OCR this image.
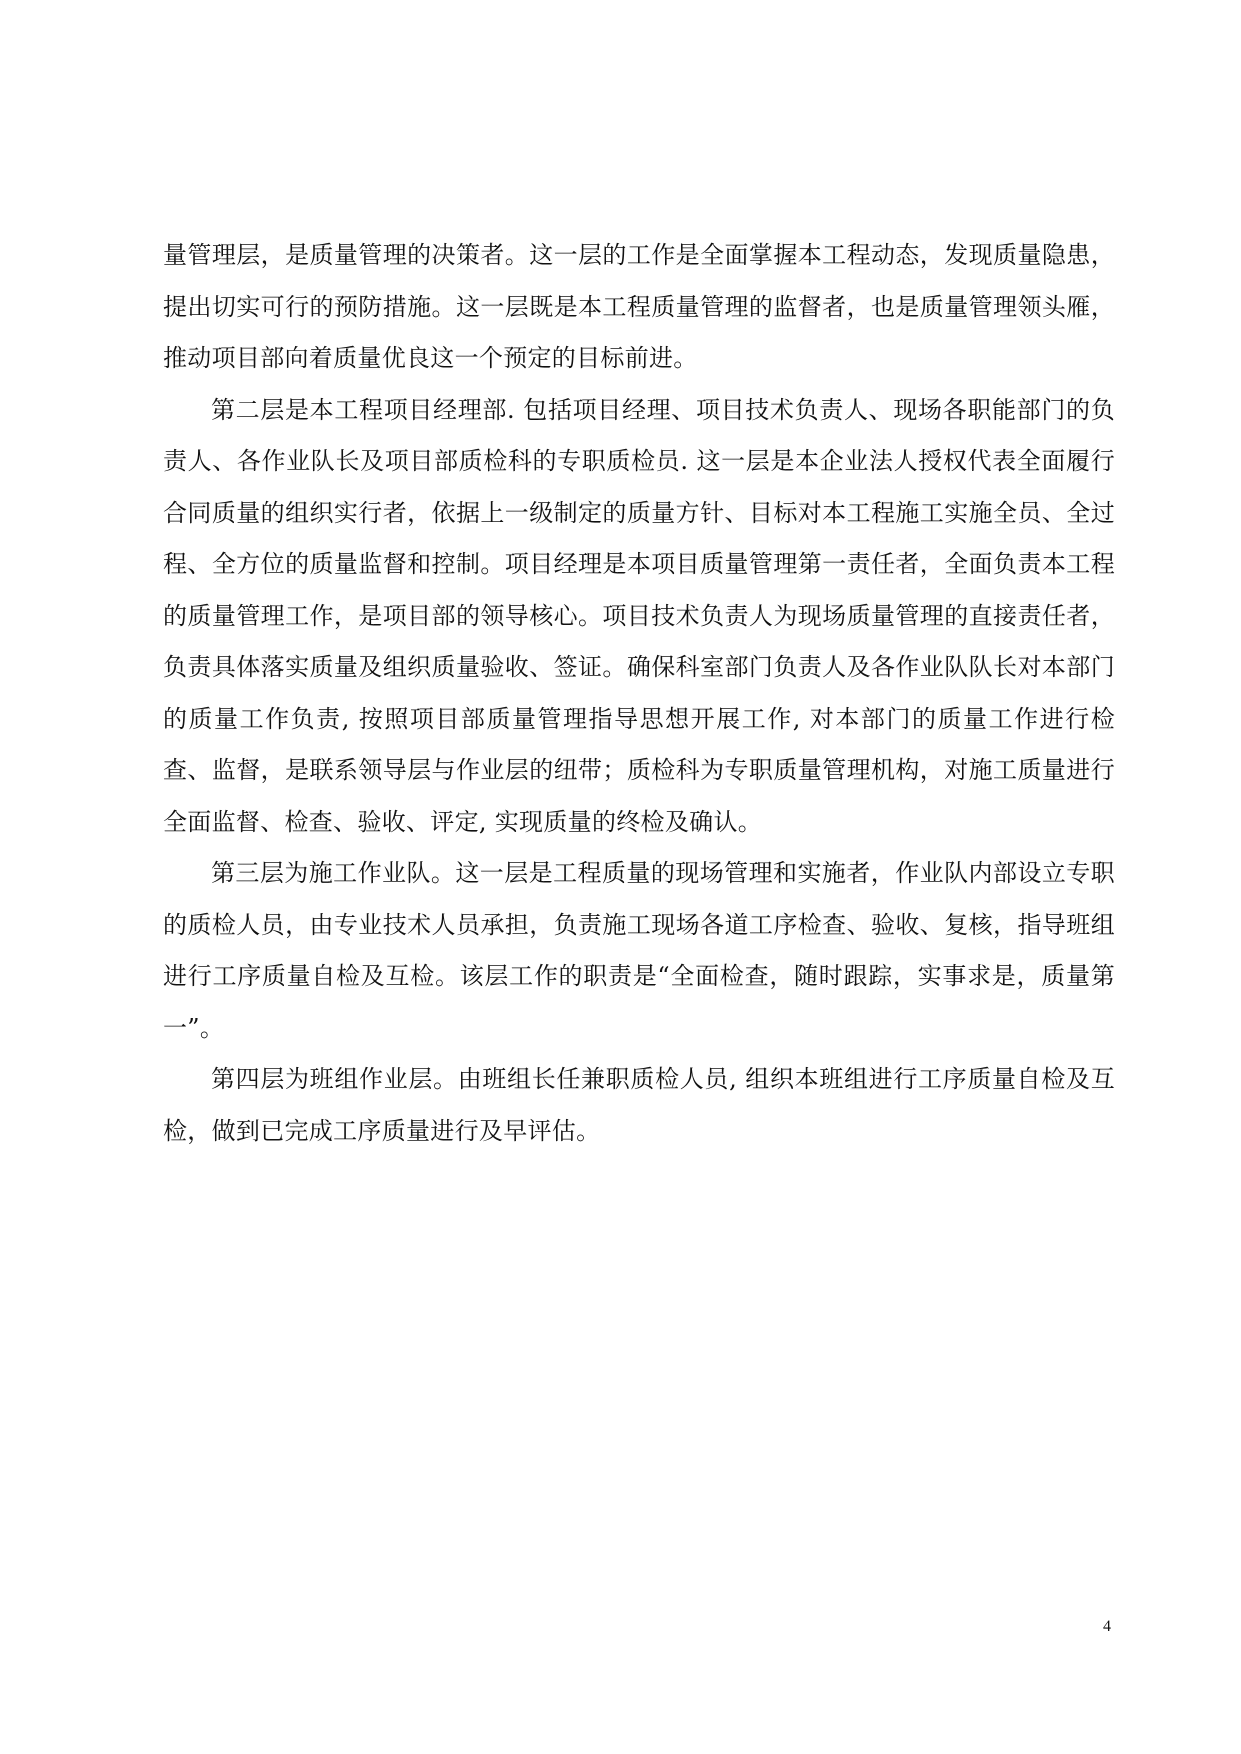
量管理层，是质量管理的决策者。这一层的工作是全面掌握本工程动态，发现质量隐患，提出切实可行的预防措施。这一层既是本工程质量管理的监督者，也是质量管理领头雁，推动项目部向着质量优良这一个预定的目标前进。

第二层是本工程项目经理部. 包括项目经理、项目技术负责人、现场各职能部门的负责人、各作业队长及项目部质检科的专职质检员. 这一层是本企业法人授权代表全面履行合同质量的组织实行者，依据上一级制定的质量方针、目标对本工程施工实施全员、全过程、全方位的质量监督和控制。项目经理是本项目质量管理第一责任者，全面负责本工程的质量管理工作，是项目部的领导核心。项目技术负责人为现场质量管理的直接责任者，负责具体落实质量及组织质量验收、签证。确保科室部门负责人及各作业队队长对本部门的质量工作负责, 按照项目部质量管理指导思想开展工作, 对本部门的质量工作进行检查、监督，是联系领导层与作业层的纽带；质检科为专职质量管理机构，对施工质量进行全面监督、检查、验收、评定, 实现质量的终检及确认。

第三层为施工作业队。这一层是工程质量的现场管理和实施者，作业队内部设立专职的质检人员，由专业技术人员承担，负责施工现场各道工序检查、验收、复核，指导班组进行工序质量自检及互检。该层工作的职责是“全面检查，随时跟踪，实事求是，质量第一”。

第四层为班组作业层。由班组长任兼职质检人员, 组织本班组进行工序质量自检及互检，做到已完成工序质量进行及早评估。

4
